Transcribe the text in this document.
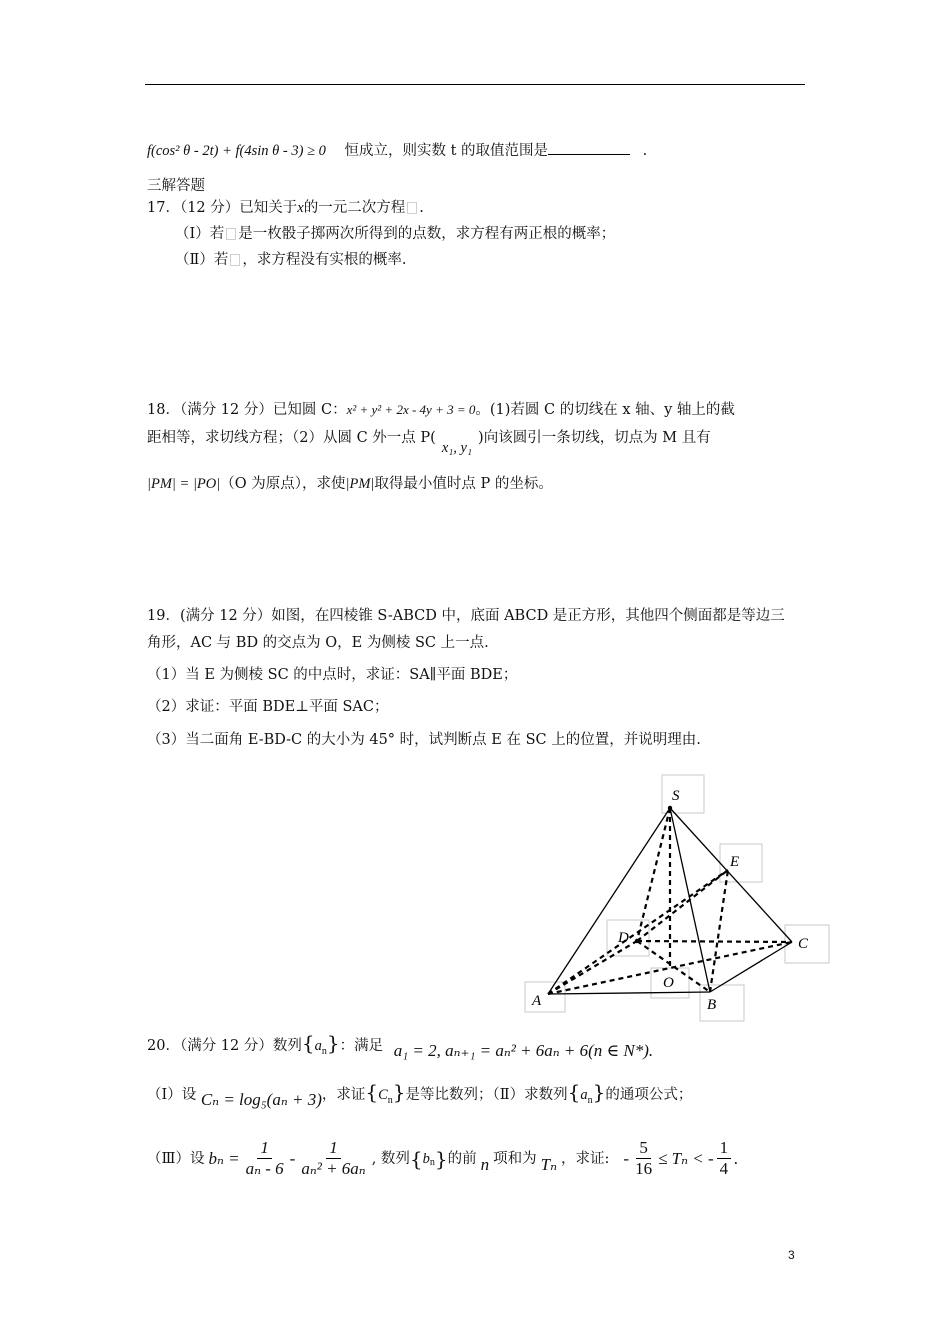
f(cos² θ - 2t) + f(4sin θ - 3) ≥ 0 恒成立，则实数 t 的取值范围是	.
三解答题
17．（12 分）已知关于x的一元二次方程 .
（Ⅰ）若 是一枚骰子掷两次所得到的点数，求方程有两正根的概率；
（Ⅱ）若 ，求方程没有实根的概率.
18．（满分 12 分）已知圆 C：x² + y² + 2x - 4y + 3 = 0。(1)若圆 C 的切线在 x 轴、y 轴上的截
距相等，求切线方程；（2）从圆 C 外一点 P(x₁, y₁)向该圆引一条切线，切点为 M 且有
|PM| = |PO|（O 为原点），求使|PM|取得最小值时点 P 的坐标。
19．(满分 12 分）如图，在四棱锥 S-ABCD 中，底面 ABCD 是正方形，其他四个侧面都是等边三
角形，AC 与 BD 的交点为 O，E 为侧棱 SC 上一点.
（1）当 E 为侧棱 SC 的中点时，求证：SA∥平面 BDE；
（2）求证：平面 BDE⊥平面 SAC；
（3）当二面角 E-BD-C 的大小为 45° 时，试判断点 E 在 SC 上的位置，并说明理由.
S
E
D	C
O
B
A
20．（满分 12 分）数列$\{a_n\}$：满足 a₁ = 2, aₙ₊₁ = aₙ² + 6aₙ + 6(n ∈ N*).
（Ⅰ）设 Cₙ = log₅(aₙ + 3)，求证$\{C_n\}$是等比数列；（Ⅱ）求数列$\{a_n\}$的通项公式；
（Ⅲ）设 $b_n = \frac{1}{\text{aₙ - 6}} - \frac{1}{\text{aₙ² + 6aₙ}}$ , 数列 { b n } 的前 n 项和为 Tₙ ，求证: - $\frac{5}{16} \le T_n$ < - $\frac{1}{4}$ .
3
